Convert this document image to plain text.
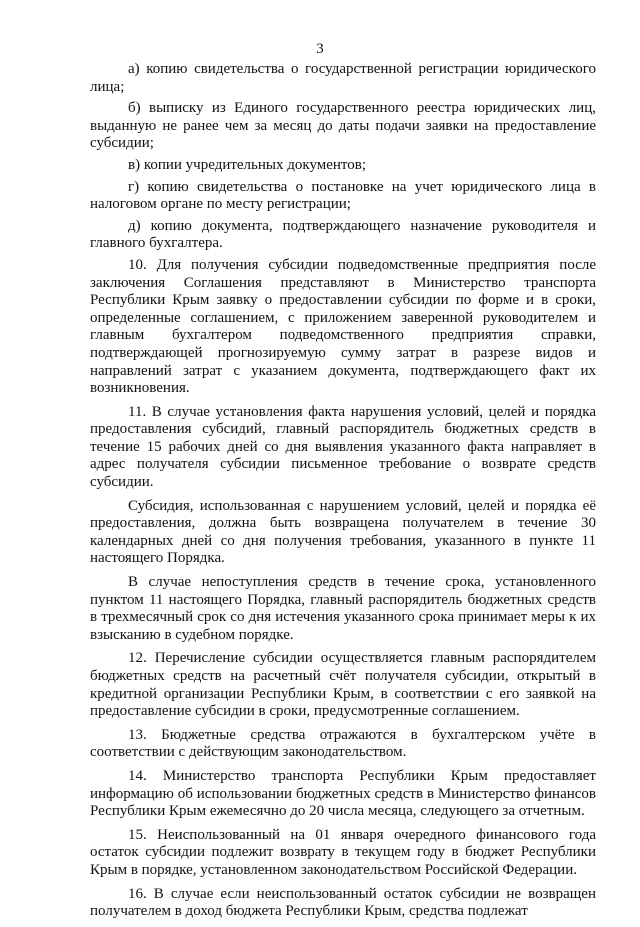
3

а) копию свидетельства о государственной регистрации юридического лица;

б) выписку из Единого государственного реестра юридических лиц, выданную не ранее чем за месяц до даты подачи заявки на предоставление субсидии;

в) копии учредительных документов;

г) копию свидетельства о постановке на учет юридического лица в налоговом органе по месту регистрации;

д) копию документа, подтверждающего назначение руководителя и главного бухгалтера.

10. Для получения субсидии подведомственные предприятия после заключения Соглашения представляют в Министерство транспорта Республики Крым заявку о предоставлении субсидии по форме и в сроки, определенные соглашением, с приложением заверенной руководителем и главным бухгалтером подведомственного предприятия справки, подтверждающей прогнозируемую сумму затрат в разрезе видов и направлений затрат с указанием документа, подтверждающего факт их возникновения.

11. В случае установления факта нарушения условий, целей и порядка предоставления субсидий, главный распорядитель бюджетных средств в течение 15 рабочих дней со дня выявления указанного факта направляет в адрес получателя субсидии письменное требование о возврате средств субсидии.

Субсидия, использованная с нарушением условий, целей и порядка её предоставления, должна быть возвращена получателем в течение 30 календарных дней со дня получения требования, указанного в пункте 11 настоящего Порядка.

В случае непоступления средств в течение срока, установленного пунктом 11 настоящего Порядка, главный распорядитель бюджетных средств в трехмесячный срок со дня истечения указанного срока принимает меры к их взысканию в судебном порядке.

12. Перечисление субсидии осуществляется главным распорядителем бюджетных средств на расчетный счёт получателя субсидии, открытый в кредитной организации Республики Крым, в соответствии с его заявкой на предоставление субсидии в сроки, предусмотренные соглашением.

13. Бюджетные средства отражаются в бухгалтерском учёте в соответствии с действующим законодательством.

14. Министерство транспорта Республики Крым предоставляет информацию об использовании бюджетных средств в Министерство финансов Республики Крым ежемесячно до 20 числа месяца, следующего за отчетным.

15. Неиспользованный на 01 января очередного финансового года остаток субсидии подлежит возврату в текущем году в бюджет Республики Крым в порядке, установленном законодательством Российской Федерации.

16. В случае если неиспользованный остаток субсидии не возвращен получателем в доход бюджета Республики Крым, средства подлежат
